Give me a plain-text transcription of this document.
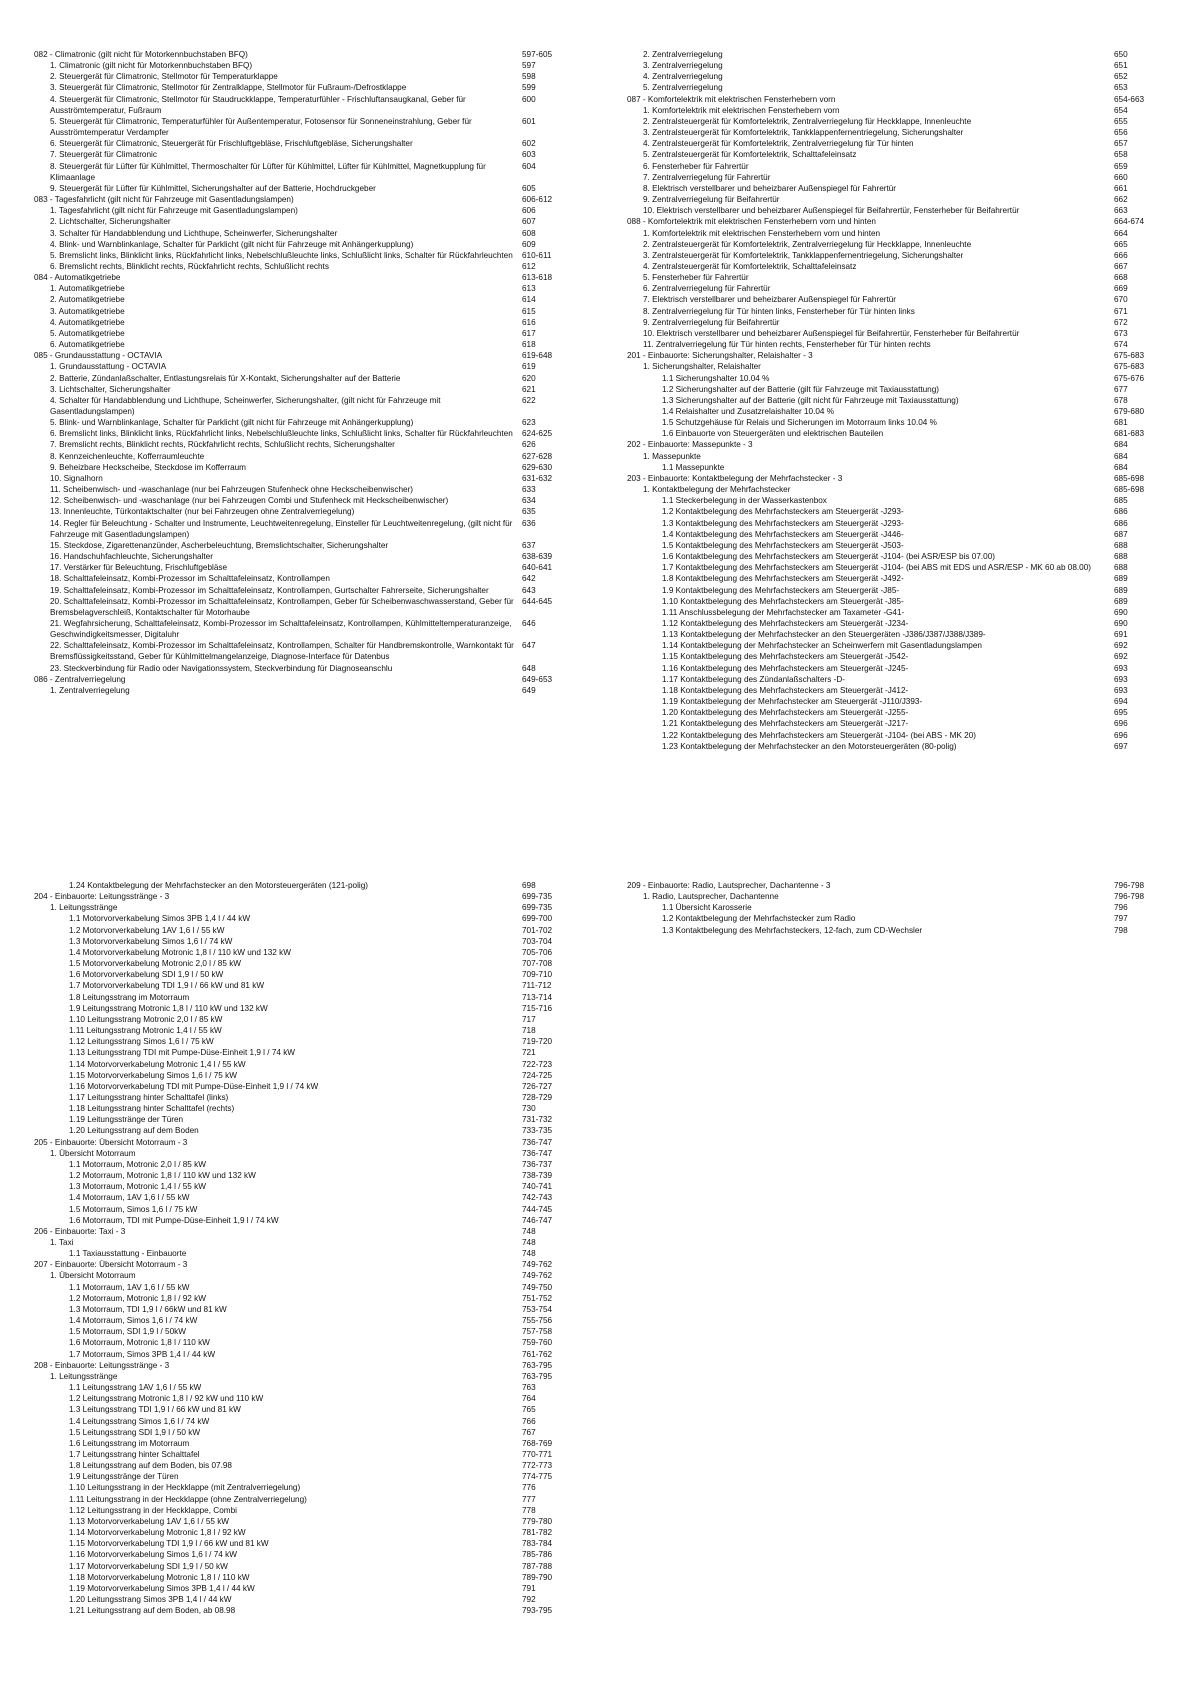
082 - Climatronic (gilt nicht für Motorkennbuchstaben BFQ)	597-605
1. Climatronic (gilt nicht für Motorkennbuchstaben BFQ)	597
2. Steuergerät für Climatronic, Stellmotor für Temperaturklappe	598
3. Steuergerät für Climatronic, Stellmotor für Zentralklappe, Stellmotor für Fußraum-/Defrostklappe	599
4. Steuergerät für Climatronic, Stellmotor für Staudruckklappe, Temperaturfühler - Frischluftansaugkanal, Geber für Ausströmtemperatur, Fußraum
600
5. Steuergerät für Climatronic, Temperaturfühler für Außentemperatur, Fotosensor für Sonneneinstrahlung, Geber für Ausströmtemperatur Verdampfer
601
6. Steuergerät für Climatronic, Steuergerät für Frischluftgebläse, Frischluftgebläse, Sicherungshalter	602
7. Steuergerät für Climatronic	603
8. Steuergerät für Lüfter für Kühlmittel, Thermoschalter für Lüfter für Kühlmittel, Lüfter für Kühlmittel, Magnetkupplung für Klimaanlage
604
9. Steuergerät für Lüfter für Kühlmittel, Sicherungshalter auf der Batterie, Hochdruckgeber	605
083 - Tagesfahrlicht (gilt nicht für Fahrzeuge mit Gasentladungslampen)	606-612
1. Tagesfahrlicht (gilt nicht für Fahrzeuge mit Gasentladungslampen)	606
2. Lichtschalter, Sicherungshalter	607
3. Schalter für Handabblendung und Lichthupe, Scheinwerfer, Sicherungshalter	608
4. Blink- und Warnblinkanlage, Schalter für Parklicht (gilt nicht für Fahrzeuge mit Anhängerkupplung)	609
5. Bremslicht links, Blinklicht links, Rückfahrlicht links, Nebelschlußleuchte links, Schlußlicht links, Schalter für Rückfahrleuchten	610-611
6. Bremslicht rechts, Blinklicht rechts, Rückfahrlicht rechts, Schlußlicht rechts	612
084 - Automatikgetriebe	613-618
1. Automatikgetriebe	613
2. Automatikgetriebe	614
3. Automatikgetriebe	615
4. Automatikgetriebe	616
5. Automatikgetriebe	617
6. Automatikgetriebe	618
085 - Grundausstattung - OCTAVIA	619-648
1. Grundausstattung - OCTAVIA	619
2. Batterie, Zündanlaßschalter, Entlastungsrelais für X-Kontakt, Sicherungshalter auf der Batterie	620
3. Lichtschalter, Sicherungshalter	621
4. Schalter für Handabblendung und Lichthupe, Scheinwerfer, Sicherungshalter, (gilt nicht für Fahrzeuge mit Gasentladungslampen)
622
5. Blink- und Warnblinkanlage, Schalter für Parklicht (gilt nicht für Fahrzeuge mit Anhängerkupplung)	623
6. Bremslicht links, Blinklicht links, Rückfahrlicht links, Nebelschlußleuchte links, Schlußlicht links, Schalter für Rückfahrleuchten	624-625
7. Bremslicht rechts, Blinklicht rechts, Rückfahrlicht rechts, Schlußlicht rechts, Sicherungshalter	626
8. Kennzeichenleuchte, Kofferraumleuchte	627-628
9. Beheizbare Heckscheibe, Steckdose im Kofferraum	629-630
10. Signalhorn	631-632
11. Scheibenwisch- und -waschanlage (nur bei Fahrzeugen Stufenheck ohne Heckscheibenwischer)	633
12. Scheibenwisch- und -waschanlage (nur bei Fahrzeugen Combi und Stufenheck mit Heckscheibenwischer)	634
13. Innenleuchte, Türkontaktschalter (nur bei Fahrzeugen ohne Zentralverriegelung)	635
14. Regler für Beleuchtung - Schalter und Instrumente, Leuchtweitenregelung, Einsteller für Leuchtweitenregelung, (gilt nicht für Fahrzeuge mit Gasentladungslampen)
636
15. Steckdose, Zigarettenanzünder, Ascherbeleuchtung, Bremslichtschalter, Sicherungshalter	637
16. Handschuhfachleuchte, Sicherungshalter	638-639
17. Verstärker für Beleuchtung, Frischluftgebläse	640-641
18. Schalttafeleinsatz, Kombi-Prozessor im Schalttafeleinsatz, Kontrollampen	642
19. Schalttafeleinsatz, Kombi-Prozessor im Schalttafeleinsatz, Kontrollampen, Gurtschalter Fahrerseite, Sicherungshalter	643
20. Schalttafeleinsatz, Kombi-Prozessor im Schalttafeleinsatz, Kontrollampen, Geber für Scheibenwaschwasserstand, Geber für Bremsbelagverschleiß, Kontaktschalter für Motorhaube
644-645
21. Wegfahrsicherung, Schalttafeleinsatz, Kombi-Prozessor im Schalttafeleinsatz, Kontrollampen, Kühlmitteltemperaturanzeige, Geschwindigkeitsmesser, Digitaluhr
646
22. Schalttafeleinsatz, Kombi-Prozessor im Schalttafeleinsatz, Kontrollampen, Schalter für Handbremskontrolle, Warnkontakt für Bremsflüssigkeitsstand, Geber für Kühlmittelmangelanzeige, Diagnose-Interface für Datenbus
647
23. Steckverbindung für Radio oder Navigationssystem, Steckverbindung für Diagnoseanschlu	648
086 - Zentralverriegelung	649-653
1. Zentralverriegelung	649
2. Zentralverriegelung	650
3. Zentralverriegelung	651
4. Zentralverriegelung	652
5. Zentralverriegelung	653
087 - Komfortelektrik mit elektrischen Fensterhebern vorn	654-663
1. Komfortelektrik mit elektrischen Fensterhebern vorn	654
2. Zentralsteuergerät für Komfortelektrik, Zentralverriegelung für Heckklappe, Innenleuchte	655
3. Zentralsteuergerät für Komfortelektrik, Tankklappenfernentriegelung, Sicherungshalter	656
4. Zentralsteuergerät für Komfortelektrik, Zentralverriegelung für Tür hinten	657
5. Zentralsteuergerät für Komfortelektrik, Schalttafeleinsatz	658
6. Fensterheber für Fahrertür	659
7. Zentralverriegelung für Fahrertür	660
8. Elektrisch verstellbarer und beheizbarer Außenspiegel für Fahrertür	661
9. Zentralverriegelung für Beifahrertür	662
10. Elektrisch verstellbarer und beheizbarer Außenspiegel für Beifahrertür, Fensterheber für Beifahrertür	663
088 - Komfortelektrik mit elektrischen Fensterhebern vorn und hinten	664-674
1. Komfortelektrik mit elektrischen Fensterhebern vorn und hinten	664
2. Zentralsteuergerät für Komfortelektrik, Zentralverriegelung für Heckklappe, Innenleuchte	665
3. Zentralsteuergerät für Komfortelektrik, Tankklappenfernentriegelung, Sicherungshalter	666
4. Zentralsteuergerät für Komfortelektrik, Schalttafeleinsatz	667
5. Fensterheber für Fahrertür	668
6. Zentralverriegelung für Fahrertür	669
7. Elektrisch verstellbarer und beheizbarer Außenspiegel für Fahrertür	670
8. Zentralverriegelung für Tür hinten links, Fensterheber für Tür hinten links	671
9. Zentralverriegelung für Beifahrertür	672
10. Elektrisch verstellbarer und beheizbarer Außenspiegel für Beifahrertür, Fensterheber für Beifahrertür	673
11. Zentralverriegelung für Tür hinten rechts, Fensterheber für Tür hinten rechts	674
201 - Einbauorte: Sicherungshalter, Relaishalter - 3	675-683
1. Sicherungshalter, Relaishalter	675-683
1.1 Sicherungshalter 10.04 %	675-676
1.2 Sicherungshalter auf der Batterie (gilt für Fahrzeuge mit Taxiausstattung)	677
1.3 Sicherungshalter auf der Batterie (gilt nicht für Fahrzeuge mit Taxiausstattung)	678
1.4 Relaishalter und Zusatzrelaishalter 10.04 %	679-680
1.5 Schutzgehäuse für Relais und Sicherungen im Motorraum links 10.04 %	681
1.6 Einbauorte von Steuergeräten und elektrischen Bauteilen	681-683
202 - Einbauorte: Massepunkte - 3	684
1. Massepunkte	684
1.1 Massepunkte	684
203 - Einbauorte: Kontaktbelegung der Mehrfachstecker - 3	685-698
1. Kontaktbelegung der Mehrfachstecker	685-698
1.1 Steckerbelegung in der Wasserkastenbox	685
1.2 Kontaktbelegung des Mehrfachsteckers am Steuergerät -J293-	686
1.3 Kontaktbelegung des Mehrfachsteckers am Steuergerät -J293-	686
1.4 Kontaktbelegung des Mehrfachsteckers am Steuergerät -J446-	687
1.5 Kontaktbelegung des Mehrfachsteckers am Steuergerät -J503-	688
1.6 Kontaktbelegung des Mehrfachsteckers am Steuergerät -J104- (bei ASR/ESP bis 07.00)	688
1.7 Kontaktbelegung des Mehrfachsteckers am Steuergerät -J104- (bei ABS mit EDS und ASR/ESP - MK 60 ab 08.00)	688
1.8 Kontaktbelegung des Mehrfachsteckers am Steuergerät -J492-	689
1.9 Kontaktbelegung des Mehrfachsteckers am Steuergerät -J85-	689
1.10 Kontaktbelegung des Mehrfachsteckers am Steuergerät -J85-	689
1.11 Anschlussbelegung der Mehrfachstecker am Taxameter -G41-	690
1.12 Kontaktbelegung des Mehrfachsteckers am Steuergerät -J234-	690
1.13 Kontaktbelegung der Mehrfachstecker an den Steuergeräten -J386/J387/J388/J389-	691
1.14 Kontaktbelegung der Mehrfachstecker an Scheinwerfern mit Gasentladungslampen	692
1.15 Kontaktbelegung des Mehrfachsteckers am Steuergerät -J542-	692
1.16 Kontaktbelegung des Mehrfachsteckers am Steuergerät -J245-	693
1.17 Kontaktbelegung des Zündanlaßschalters -D-	693
1.18 Kontaktbelegung des Mehrfachsteckers am Steuergerät -J412-	693
1.19 Kontaktbelegung der Mehrfachstecker am Steuergerät -J110/J393-	694
1.20 Kontaktbelegung des Mehrfachsteckers am Steuergerät -J255-	695
1.21 Kontaktbelegung des Mehrfachsteckers am Steuergerät -J217-	696
1.22 Kontaktbelegung des Mehrfachsteckers am Steuergerät -J104- (bei ABS - MK 20)	696
1.23 Kontaktbelegung der Mehrfachstecker an den Motorsteuergeräten (80-polig)	697
1.24 Kontaktbelegung der Mehrfachstecker an den Motorsteuergeräten (121-polig)	698
204 - Einbauorte: Leitungsstränge - 3	699-735
1. Leitungsstränge	699-735
1.1 Motorvorverkabelung Simos 3PB 1,4 l / 44 kW	699-700
1.2 Motorvorverkabelung 1AV 1,6 l / 55 kW	701-702
1.3 Motorvorverkabelung Simos 1,6 l / 74 kW	703-704
1.4 Motorvorverkabelung Motronic 1,8 l / 110 kW und 132 kW	705-706
1.5 Motorvorverkabelung Motronic 2,0 l / 85 kW	707-708
1.6 Motorvorverkabelung SDI 1,9 l / 50 kW	709-710
1.7 Motorvorverkabelung TDI 1,9 l / 66 kW und 81 kW	711-712
1.8 Leitungsstrang im Motorraum	713-714
1.9 Leitungsstrang Motronic 1,8 l / 110 kW und 132 kW	715-716
1.10 Leitungsstrang Motronic 2,0 l / 85 kW	717
1.11 Leitungsstrang Motronic 1,4 l / 55 kW	718
1.12 Leitungsstrang Simos 1,6 l / 75 kW	719-720
1.13 Leitungsstrang TDI mit Pumpe-Düse-Einheit 1,9 l / 74 kW	721
1.14 Motorvorverkabelung Motronic 1,4 l / 55 kW	722-723
1.15 Motorvorverkabelung Simos 1,6 l / 75 kW	724-725
1.16 Motorvorverkabelung TDI mit Pumpe-Düse-Einheit 1,9 l / 74 kW	726-727
1.17 Leitungsstrang hinter Schalttafel (links)	728-729
1.18 Leitungsstrang hinter Schalttafel (rechts)	730
1.19 Leitungsstränge der Türen	731-732
1.20 Leitungsstrang auf dem Boden	733-735
205 - Einbauorte: Übersicht Motorraum - 3	736-747
1. Übersicht Motorraum	736-747
1.1 Motorraum, Motronic 2,0 l / 85 kW	736-737
1.2 Motorraum, Motronic 1,8 l / 110 kW und 132 kW	738-739
1.3 Motorraum, Motronic 1,4 l / 55 kW	740-741
1.4 Motorraum, 1AV 1,6 l / 55 kW	742-743
1.5 Motorraum, Simos 1,6 l / 75 kW	744-745
1.6 Motorraum, TDI mit Pumpe-Düse-Einheit 1,9 l / 74 kW	746-747
206 - Einbauorte: Taxi - 3	748
1. Taxi	748
1.1 Taxiausstattung - Einbauorte	748
207 - Einbauorte: Übersicht Motorraum - 3	749-762
1. Übersicht Motorraum	749-762
1.1 Motorraum, 1AV 1,6 l / 55 kW	749-750
1.2 Motorraum, Motronic 1,8 l / 92 kW	751-752
1.3 Motorraum, TDI 1,9 l / 66kW und 81 kW	753-754
1.4 Motorraum, Simos 1,6 l / 74 kW	755-756
1.5 Motorraum, SDI 1,9 l / 50kW	757-758
1.6 Motorraum, Motronic 1,8 l / 110 kW	759-760
1.7 Motorraum, Simos 3PB 1,4 l / 44 kW	761-762
208 - Einbauorte: Leitungsstränge - 3	763-795
1. Leitungsstränge	763-795
1.1 Leitungsstrang 1AV 1,6 l / 55 kW	763
1.2 Leitungsstrang Motronic 1,8 l / 92 kW und 110 kW	764
1.3 Leitungsstrang TDI 1,9 l / 66 kW und 81 kW	765
1.4 Leitungsstrang Simos 1,6 l / 74 kW	766
1.5 Leitungsstrang SDI 1,9 l / 50 kW	767
1.6 Leitungsstrang im Motorraum	768-769
1.7 Leitungsstrang hinter Schalttafel	770-771
1.8 Leitungsstrang auf dem Boden, bis 07.98	772-773
1.9 Leitungsstränge der Türen	774-775
1.10 Leitungsstrang in der Heckklappe (mit Zentralverriegelung)	776
1.11 Leitungsstrang in der Heckklappe (ohne Zentralverriegelung)	777
1.12 Leitungsstrang in der Heckklappe, Combi	778
1.13 Motorvorverkabelung 1AV 1,6 l / 55 kW	779-780
1.14 Motorvorverkabelung Motronic 1,8 l / 92 kW	781-782
1.15 Motorvorverkabelung TDI 1,9 l / 66 kW und 81 kW	783-784
1.16 Motorvorverkabelung Simos 1,6 l / 74 kW	785-786
1.17 Motorvorverkabelung SDI 1,9 l / 50 kW	787-788
1.18 Motorvorverkabelung Motronic 1,8 l / 110 kW	789-790
1.19 Motorvorverkabelung Simos 3PB 1,4 l / 44 kW	791
1.20 Leitungsstrang Simos 3PB 1,4 l / 44 kW	792
1.21 Leitungsstrang auf dem Boden, ab 08.98	793-795
209 - Einbauorte: Radio, Lautsprecher, Dachantenne - 3	796-798
1. Radio, Lautsprecher, Dachantenne	796-798
1.1 Übersicht Karosserie	796
1.2 Kontaktbelegung der Mehrfachstecker zum Radio	797
1.3 Kontaktbelegung des Mehrfachsteckers, 12-fach, zum CD-Wechsler	798
